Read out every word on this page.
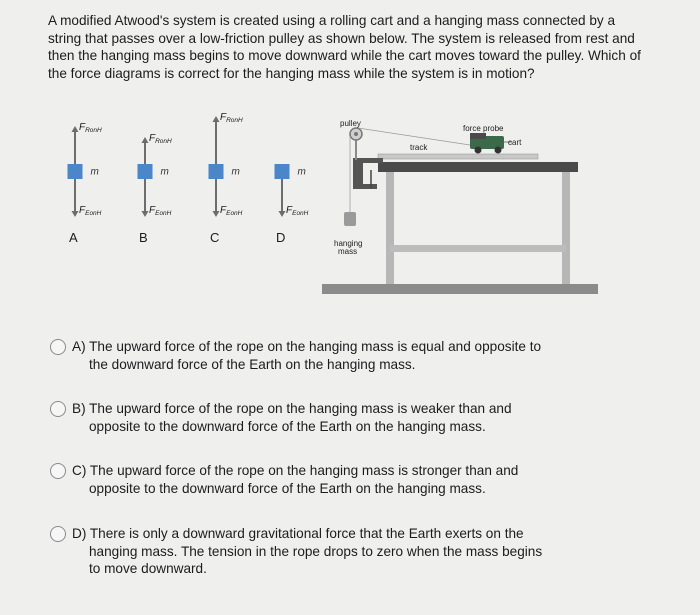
A modified Atwood's system is created using a rolling cart and a hanging mass connected by a string that passes over a low-friction pulley as shown below. The system is released from rest and then the hanging mass begins to move downward while the cart moves toward the pulley. Which of the force diagrams is correct for the hanging mass while the system is in motion?

$F_{RonH}$
$F_{EonH}$
m
A
$F_{RonH}$
$F_{EonH}$
m
B
$F_{RonH}$
$F_{EonH}$
m
C
$F_{EonH}$
m
D
pulley
track
force probe
cart
hanging
mass
A) The upward force of the rope on the hanging mass is equal and opposite to
the downward force of the Earth on the hanging mass.
B) The upward force of the rope on the hanging mass is weaker than and
opposite to the downward force of the Earth on the hanging mass.
C) The upward force of the rope on the hanging mass is stronger than and
opposite to the downward force of the Earth on the hanging mass.
D) There is only a downward gravitational force that the Earth exerts on the
hanging mass. The tension in the rope drops to zero when the mass begins
to move downward.
